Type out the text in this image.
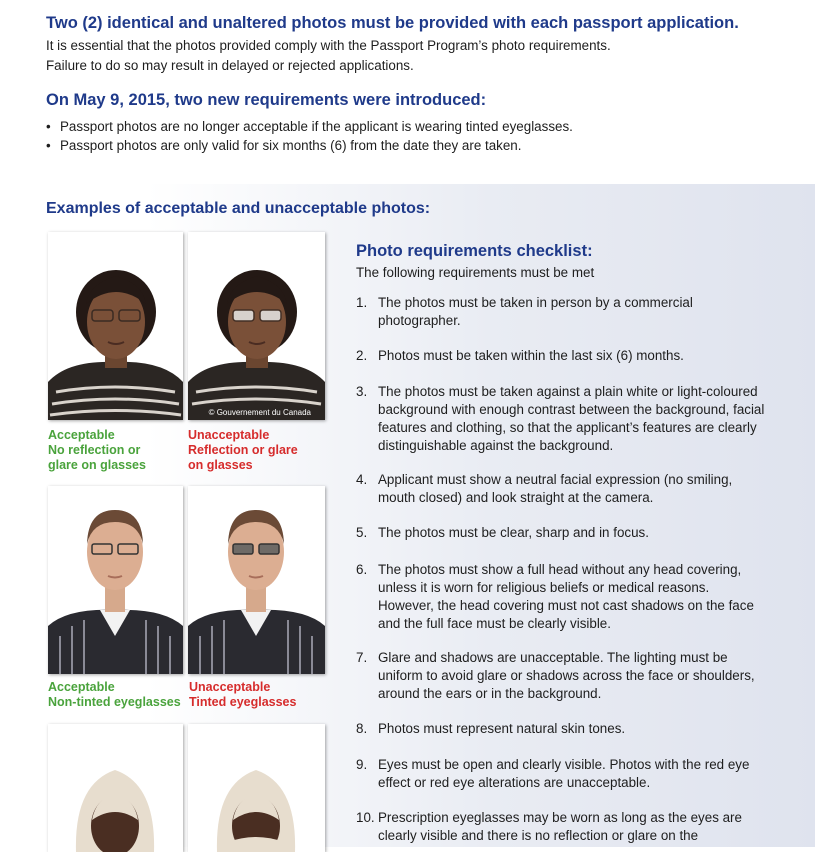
Two (2) identical and unaltered photos must be provided with each passport application.
It is essential that the photos provided comply with the Passport Program’s photo requirements.
Failure to do so may result in delayed or rejected applications.
On May 9, 2015, two new requirements were introduced:
• Passport photos are no longer acceptable if the applicant is wearing tinted eyeglasses.
• Passport photos are only valid for six months (6) from the date they are taken.
Examples of acceptable and unacceptable photos:
© Gouvernement du Canada
Acceptable
No reflection or
glare on glasses
Unacceptable
Reflection or glare
on glasses
Acceptable
Non-tinted eyeglasses
Unacceptable
Tinted eyeglasses
Photo requirements checklist:
The following requirements must be met
1. The photos must be taken in person by a commercial photographer.
2. Photos must be taken within the last six (6) months.
3. The photos must be taken against a plain white or light-coloured background with enough contrast between the background, facial features and clothing, so that the applicant’s features are clearly distinguishable against the background.
4. Applicant must show a neutral facial expression (no smiling, mouth closed) and look straight at the camera.
5. The photos must be clear, sharp and in focus.
6. The photos must show a full head without any head covering, unless it is worn for religious beliefs or medical reasons. However, the head covering must not cast shadows on the face and the full face must be clearly visible.
7. Glare and shadows are unacceptable. The lighting must be uniform to avoid glare or shadows across the face or shoulders, around the ears or in the background.
8. Photos must represent natural skin tones.
9. Eyes must be open and clearly visible. Photos with the red eye effect or red eye alterations are unacceptable.
10. Prescription eyeglasses may be worn as long as the eyes are clearly visible and there is no reflection or glare on the
